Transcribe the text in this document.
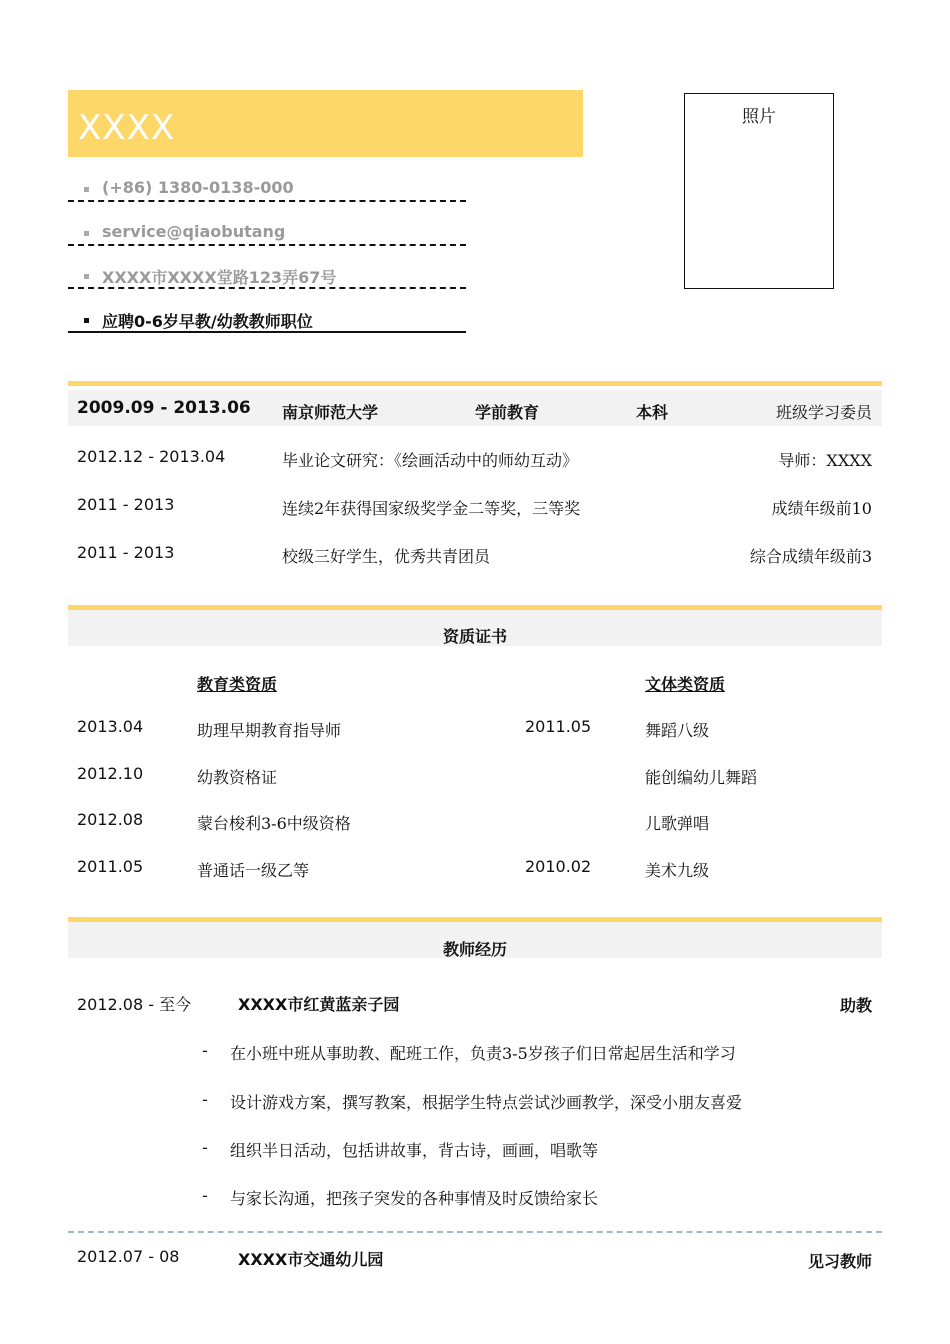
XXXX
(+86) 1380-0138-000
service@qiaobutang
XXXX市XXXX堂路123弄67号
应聘0-6岁早教/幼教教师职位
照片
2009.09 - 2013.06 南京师范大学	学前教育	本科	班级学习委员
2012.12 - 2013.04	毕业论文研究：《绘画活动中的师幼互动》	导师：XXXX
2011 - 2013	连续2年获得国家级奖学金二等奖，三等奖	成绩年级前10
2011 - 2013	校级三好学生，优秀共青团员	综合成绩年级前3
资质证书
教育类资质	文体类资质
2013.04	助理早期教育指导师	2011.05	舞蹈八级
2012.10	幼教资格证	能创编幼儿舞蹈
2012.08	蒙台梭利3-6中级资格	儿歌弹唱
2011.05	普通话一级乙等	2010.02	美术九级
教师经历
2012.08 - 至今	XXXX市红黄蓝亲子园	助教
- 在小班中班从事助教、配班工作，负责3-5岁孩子们日常起居生活和学习
- 设计游戏方案，撰写教案，根据学生特点尝试沙画教学，深受小朋友喜爱
- 组织半日活动，包括讲故事，背古诗，画画，唱歌等
- 与家长沟通，把孩子突发的各种事情及时反馈给家长
2012.07 - 08	XXXX市交通幼儿园	见习教师
